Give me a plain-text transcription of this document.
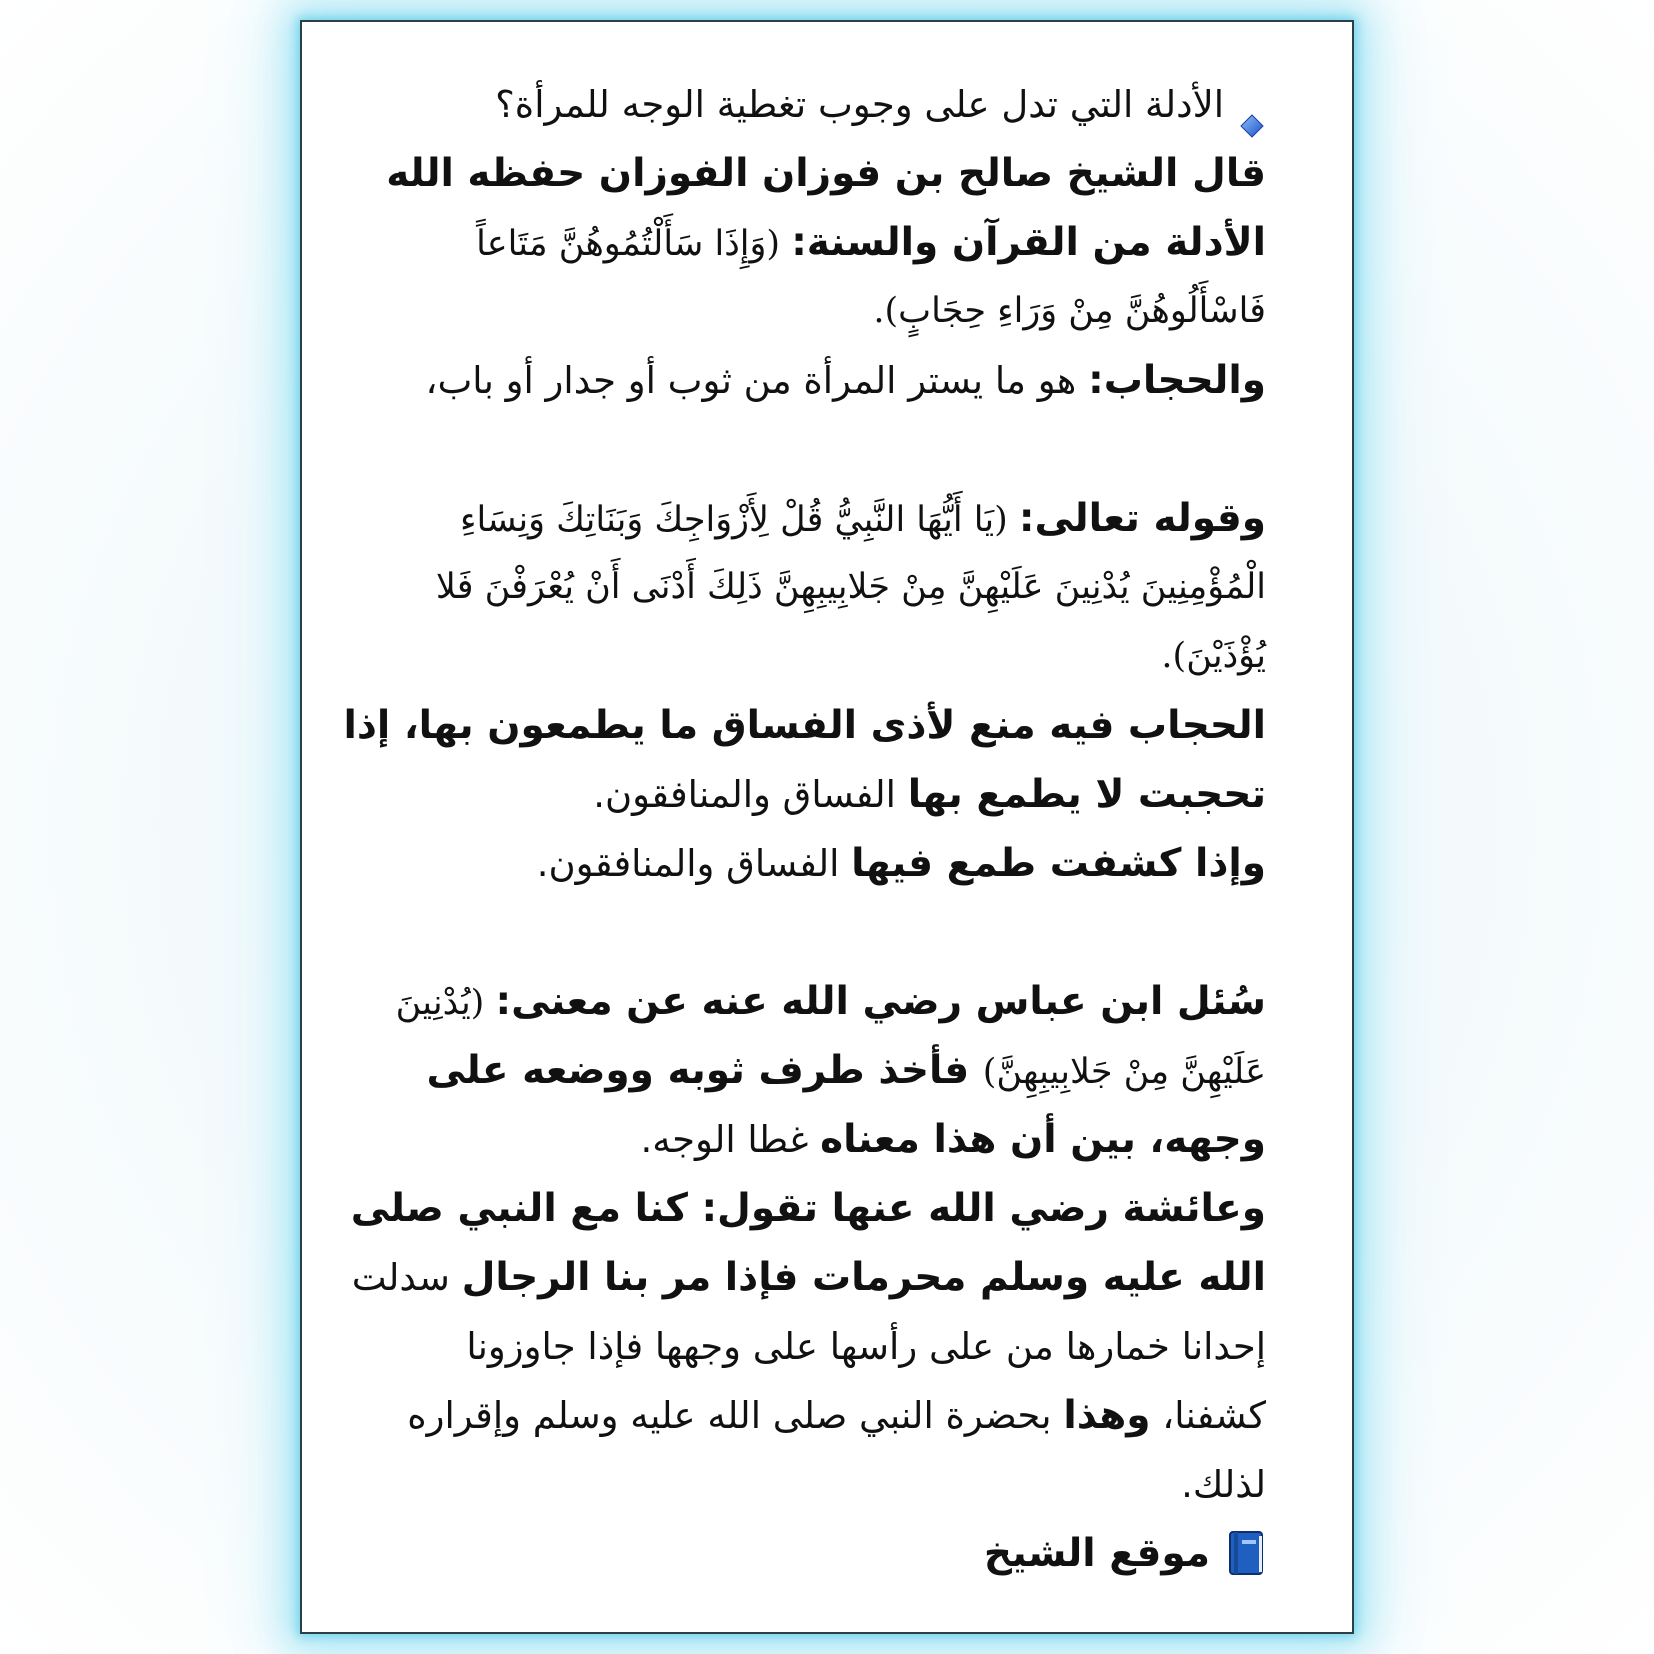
الأدلة التي تدل على وجوب تغطية الوجه للمرأة؟
قال الشيخ صالح بن فوزان الفوزان حفظه الله
الأدلة من القرآن والسنة: (وَإِذَا سَأَلْتُمُوهُنَّ مَتَاعاً
فَاسْأَلُوهُنَّ مِنْ وَرَاءِ حِجَابٍ).
والحجاب: هو ما يستر المرأة من ثوب أو جدار أو باب،
وقوله تعالى: (يَا أَيُّهَا النَّبِيُّ قُلْ لِأَزْوَاجِكَ وَبَنَاتِكَ وَنِسَاءِ
الْمُؤْمِنِينَ يُدْنِينَ عَلَيْهِنَّ مِنْ جَلابِيبِهِنَّ ذَلِكَ أَدْنَى أَنْ يُعْرَفْنَ فَلا
يُؤْذَيْنَ).
الحجاب فيه منع لأذى الفساق ما يطمعون بها، إذا
تحجبت لا يطمع بها الفساق والمنافقون.
وإذا كشفت طمع فيها الفساق والمنافقون.
سُئل ابن عباس رضي الله عنه عن معنى: (يُدْنِينَ
عَلَيْهِنَّ مِنْ جَلابِيبِهِنَّ) فأخذ طرف ثوبه ووضعه على
وجهه، بين أن هذا معناه غطا الوجه.
وعائشة رضي الله عنها تقول: كنا مع النبي صلى
الله عليه وسلم محرمات فإذا مر بنا الرجال سدلت
إحدانا خمارها من على رأسها على وجهها فإذا جاوزونا
كشفنا، وهذا بحضرة النبي صلى الله عليه وسلم وإقراره
لذلك.
موقع الشيخ
